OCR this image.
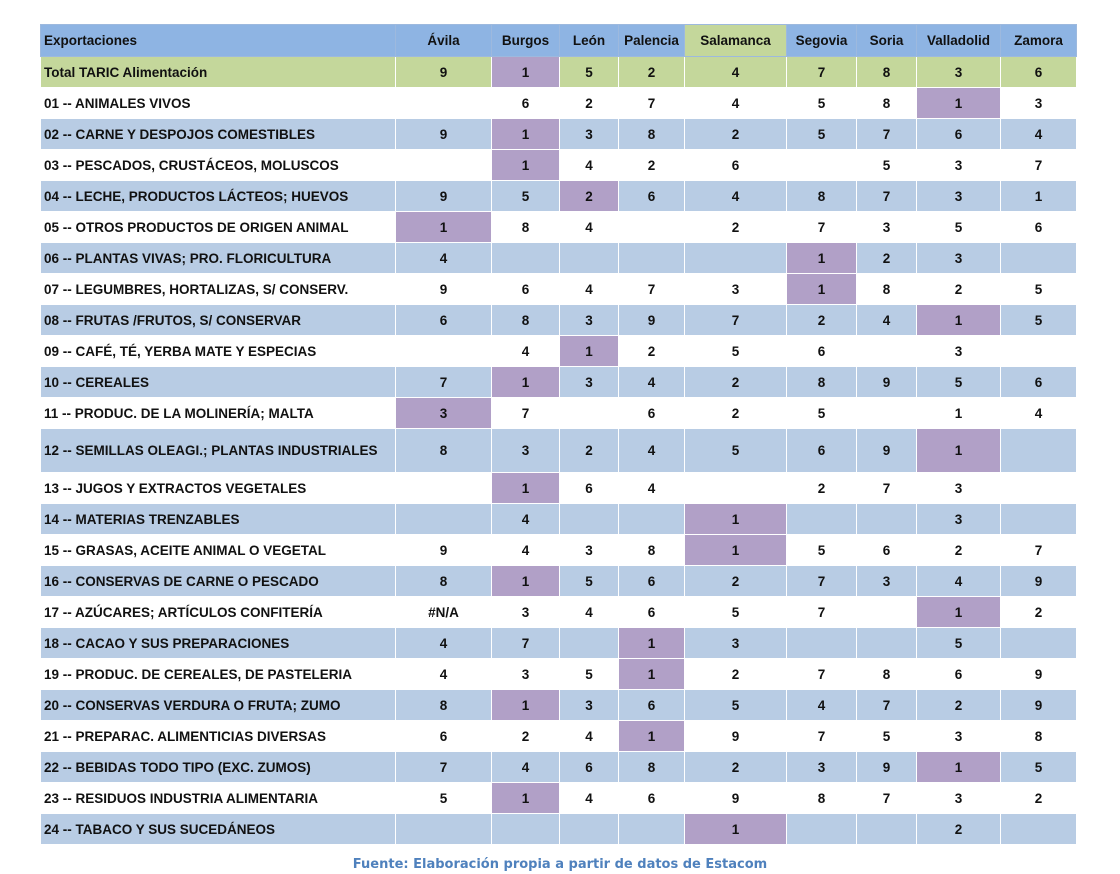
Exportaciones	Ávila	Burgos	León	Palencia	Salamanca	Segovia	Soria	Valladolid	Zamora
Total TARIC Alimentación	9	1	5	2	4	7	8	3	6
01 -- ANIMALES VIVOS		6	2	7	4	5	8	1	3
02 -- CARNE Y DESPOJOS COMESTIBLES	9	1	3	8	2	5	7	6	4
03 -- PESCADOS, CRUSTÁCEOS, MOLUSCOS		1	4	2	6		5	3	7
04 -- LECHE, PRODUCTOS LÁCTEOS; HUEVOS	9	5	2	6	4	8	7	3	1
05 -- OTROS PRODUCTOS DE ORIGEN ANIMAL	1	8	4		2	7	3	5	6
06 -- PLANTAS VIVAS; PRO. FLORICULTURA	4					1	2	3	
07 -- LEGUMBRES, HORTALIZAS, S/ CONSERV.	9	6	4	7	3	1	8	2	5
08 -- FRUTAS /FRUTOS, S/ CONSERVAR	6	8	3	9	7	2	4	1	5
09 -- CAFÉ, TÉ, YERBA MATE Y ESPECIAS		4	1	2	5	6		3	
10 -- CEREALES	7	1	3	4	2	8	9	5	6
11 -- PRODUC. DE LA MOLINERÍA; MALTA	3	7		6	2	5		1	4
12 -- SEMILLAS OLEAGI.; PLANTAS INDUSTRIALES	8	3	2	4	5	6	9	1	
13 -- JUGOS Y EXTRACTOS VEGETALES		1	6	4		2	7	3	
14 -- MATERIAS TRENZABLES		4			1			3	
15 -- GRASAS, ACEITE ANIMAL O VEGETAL	9	4	3	8	1	5	6	2	7
16 -- CONSERVAS DE CARNE O PESCADO	8	1	5	6	2	7	3	4	9
17 -- AZÚCARES; ARTÍCULOS CONFITERÍA	#N/A	3	4	6	5	7		1	2
18 -- CACAO Y SUS PREPARACIONES	4	7		1	3			5	
19 -- PRODUC. DE CEREALES, DE PASTELERIA	4	3	5	1	2	7	8	6	9
20 -- CONSERVAS VERDURA O FRUTA; ZUMO	8	1	3	6	5	4	7	2	9
21 -- PREPARAC. ALIMENTICIAS DIVERSAS	6	2	4	1	9	7	5	3	8
22 -- BEBIDAS TODO TIPO (EXC. ZUMOS)	7	4	6	8	2	3	9	1	5
23 -- RESIDUOS INDUSTRIA ALIMENTARIA	5	1	4	6	9	8	7	3	2
24 -- TABACO Y SUS SUCEDÁNEOS					1			2	
Fuente: Elaboración propia a partir de datos de Estacom
